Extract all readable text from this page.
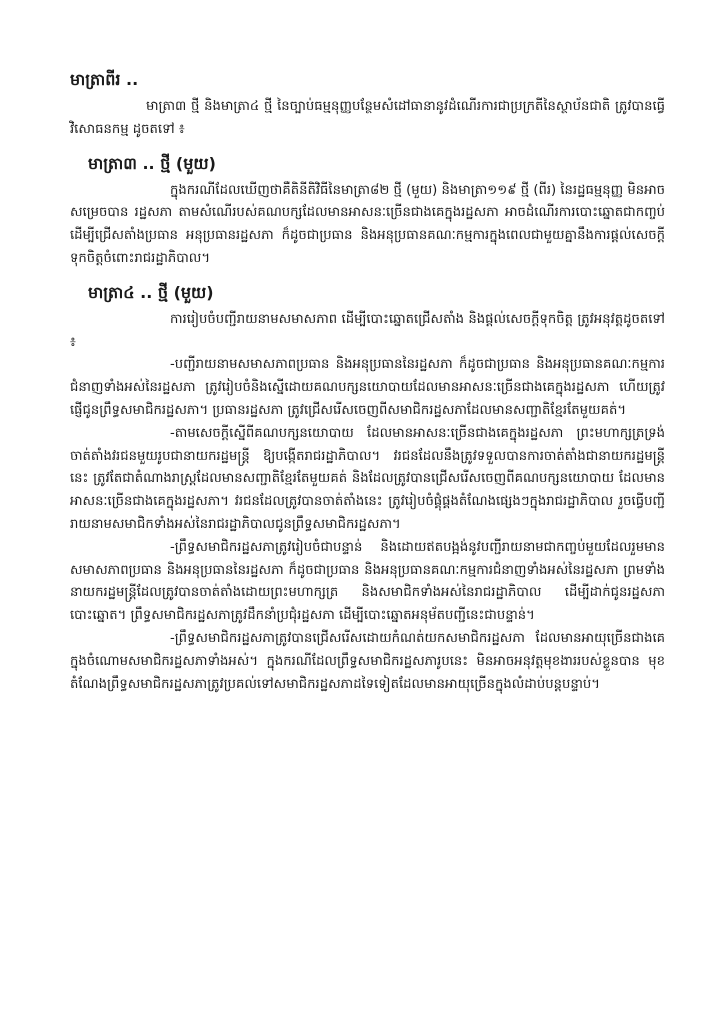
មាត្រាពីរ ..

មាត្រា៣ ថ្មី និងមាត្រា៤ ថ្មី នៃច្បាប់ធម្មនុញ្ញបន្ថែមសំដៅធានានូវដំណើរការជាប្រក្រតីនៃស្ថាប័នជាតិ ត្រូវបានធ្វើវិសោធនកម្ម ដូចតទៅ ៖

មាត្រា៣ .. ថ្មី (មួយ)

ក្នុងករណីដែលឃើញថាគឺតិនីតិវិធីនៃមាត្រា៨២ ថ្មី (មួយ) និងមាត្រា១១៩ ថ្មី (ពីរ) នៃរដ្ឋធម្មនុញ្ញ មិនអាចសម្រេចបាន រដ្ឋសភា តាមសំណើរបស់គណបក្សដែលមានអាសនៈច្រើនជាងគេក្នុងរដ្ឋសភា អាចដំណើរការបោះឆ្នោតជាកញ្ចប់ ដើម្បីជ្រើសតាំងប្រធាន អនុប្រធានរដ្ឋសភា ក៏ដូចជាប្រធាន និងអនុប្រធានគណៈកម្មការក្នុងពេលជាមួយគ្នានឹងការផ្តល់សេចក្តីទុកចិត្តចំពោះរាជរដ្ឋាភិបាល។

មាត្រា៤ .. ថ្មី (មួយ)

ការរៀបចំបញ្ជីរាយនាមសមាសភាព ដើម្បីបោះឆ្នោតជ្រើសតាំង និងផ្តល់សេចក្តីទុកចិត្ត ត្រូវអនុវត្តដូចតទៅ ៖

-បញ្ជីរាយនាមសមាសភាពប្រធាន និងអនុប្រធាននៃរដ្ឋសភា ក៏ដូចជាប្រធាន និងអនុប្រធានគណៈកម្មការជំនាញទាំងអស់នៃរដ្ឋសភា ត្រូវរៀបចំនិងស្នើដោយគណបក្សនយោបាយដែលមានអាសនៈច្រើនជាងគេក្នុងរដ្ឋសភា ហើយត្រូវផ្ញើជូនព្រឹទ្ធសមាជិករដ្ឋសភា។ ប្រធានរដ្ឋសភា ត្រូវជ្រើសរើសចេញពីសមាជិករដ្ឋសភាដែលមានសញ្ជាតិខ្មែរតែមួយគត់។

-តាមសេចក្តីស្នើពីគណបក្សនយោបាយ ដែលមានអាសនៈច្រើនជាងគេក្នុងរដ្ឋសភា ព្រះមហាក្សត្រទ្រង់ចាត់តាំងវរជនមួយរូបជានាយករដ្ឋមន្ត្រី ឱ្យបង្កើតរាជរដ្ឋាភិបាល។ វរជនដែលនឹងត្រូវទទួលបានការចាត់តាំងជានាយករដ្ឋមន្ត្រីនេះ ត្រូវតែជាតំណាងរាស្ត្រដែលមានសញ្ជាតិខ្មែរតែមួយគត់ និងដែលត្រូវបានជ្រើសរើសចេញពីគណបក្សនយោបាយ ដែលមានអាសនៈច្រើនជាងគេក្នុងរដ្ឋសភា។ វរជនដែលត្រូវបានចាត់តាំងនេះ ត្រូវរៀបចំផ្គុំផ្គងតំណែងផ្សេងៗក្នុងរាជរដ្ឋាភិបាល រួចធ្វើបញ្ជីរាយនាមសមាជិកទាំងអស់នៃរាជរដ្ឋាភិបាលជូនព្រឹទ្ធសមាជិករដ្ឋសភា។

-ព្រឹទ្ធសមាជិករដ្ឋសភាត្រូវរៀបចំជាបន្ទាន់ និងដោយឥតបង្អង់នូវបញ្ជីរាយនាមជាកញ្ចប់មួយដែលរួមមានសមាសភាពប្រធាន និងអនុប្រធាននៃរដ្ឋសភា ក៏ដូចជាប្រធាន និងអនុប្រធានគណៈកម្មការជំនាញទាំងអស់នៃរដ្ឋសភា ព្រមទាំងនាយករដ្ឋមន្ត្រីដែលត្រូវបានចាត់តាំងដោយព្រះមហាក្សត្រ និងសមាជិកទាំងអស់នៃរាជរដ្ឋាភិបាល ដើម្បីដាក់ជូនរដ្ឋសភាបោះឆ្នោត។ ព្រឹទ្ធសមាជិករដ្ឋសភាត្រូវដឹកនាំប្រជុំរដ្ឋសភា ដើម្បីបោះឆ្នោតអនុម័តបញ្ជីនេះជាបន្ទាន់។

-ព្រឹទ្ធសមាជិករដ្ឋសភាត្រូវបានជ្រើសរើសដោយកំណត់យកសមាជិករដ្ឋសភា ដែលមានអាយុច្រើនជាងគេ ក្នុងចំណោមសមាជិករដ្ឋសភាទាំងអស់។ ក្នុងករណីដែលព្រឹទ្ធសមាជិករដ្ឋសភារូបនេះ មិនអាចអនុវត្តមុខងាររបស់ខ្លួនបាន មុខតំណែងព្រឹទ្ធសមាជិករដ្ឋសភាត្រូវប្រគល់ទៅសមាជិករដ្ឋសភាដទៃទៀតដែលមានអាយុច្រើនក្នុងលំដាប់បន្តបន្ទាប់។
